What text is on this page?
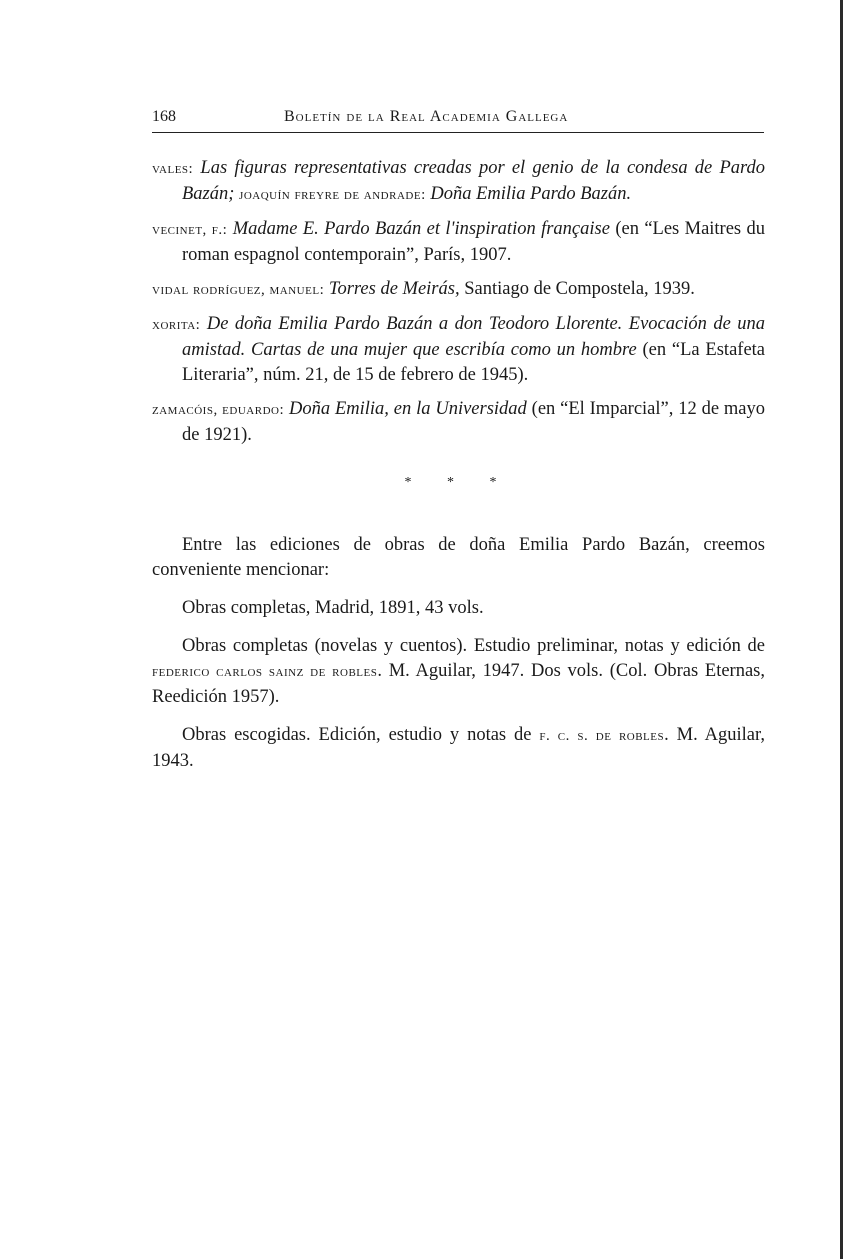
168	Boletín de la Real Academia Gallega

vales: Las figuras representativas creadas por el genio de la condesa de Pardo Bazán; joaquín freyre de andrade: Doña Emilia Pardo Bazán.

vecinet, f.: Madame E. Pardo Bazán et l'inspiration française (en “Les Maitres du roman espagnol contemporain”, París, 1907.

vidal rodríguez, manuel: Torres de Meirás, Santiago de Compostela, 1939.

xorita: De doña Emilia Pardo Bazán a don Teodoro Llorente. Evocación de una amistad. Cartas de una mujer que escribía como un hombre (en “La Estafeta Literaria”, núm. 21, de 15 de febrero de 1945).

zamacóis, eduardo: Doña Emilia, en la Universidad (en “El Imparcial”, 12 de mayo de 1921).

* * *

Entre las ediciones de obras de doña Emilia Pardo Bazán, creemos conveniente mencionar:

Obras completas, Madrid, 1891, 43 vols.

Obras completas (novelas y cuentos). Estudio preliminar, notas y edición de federico carlos sainz de robles. M. Aguilar, 1947. Dos vols. (Col. Obras Eternas, Reedición 1957).

Obras escogidas. Edición, estudio y notas de f. c. s. de robles. M. Aguilar, 1943.
